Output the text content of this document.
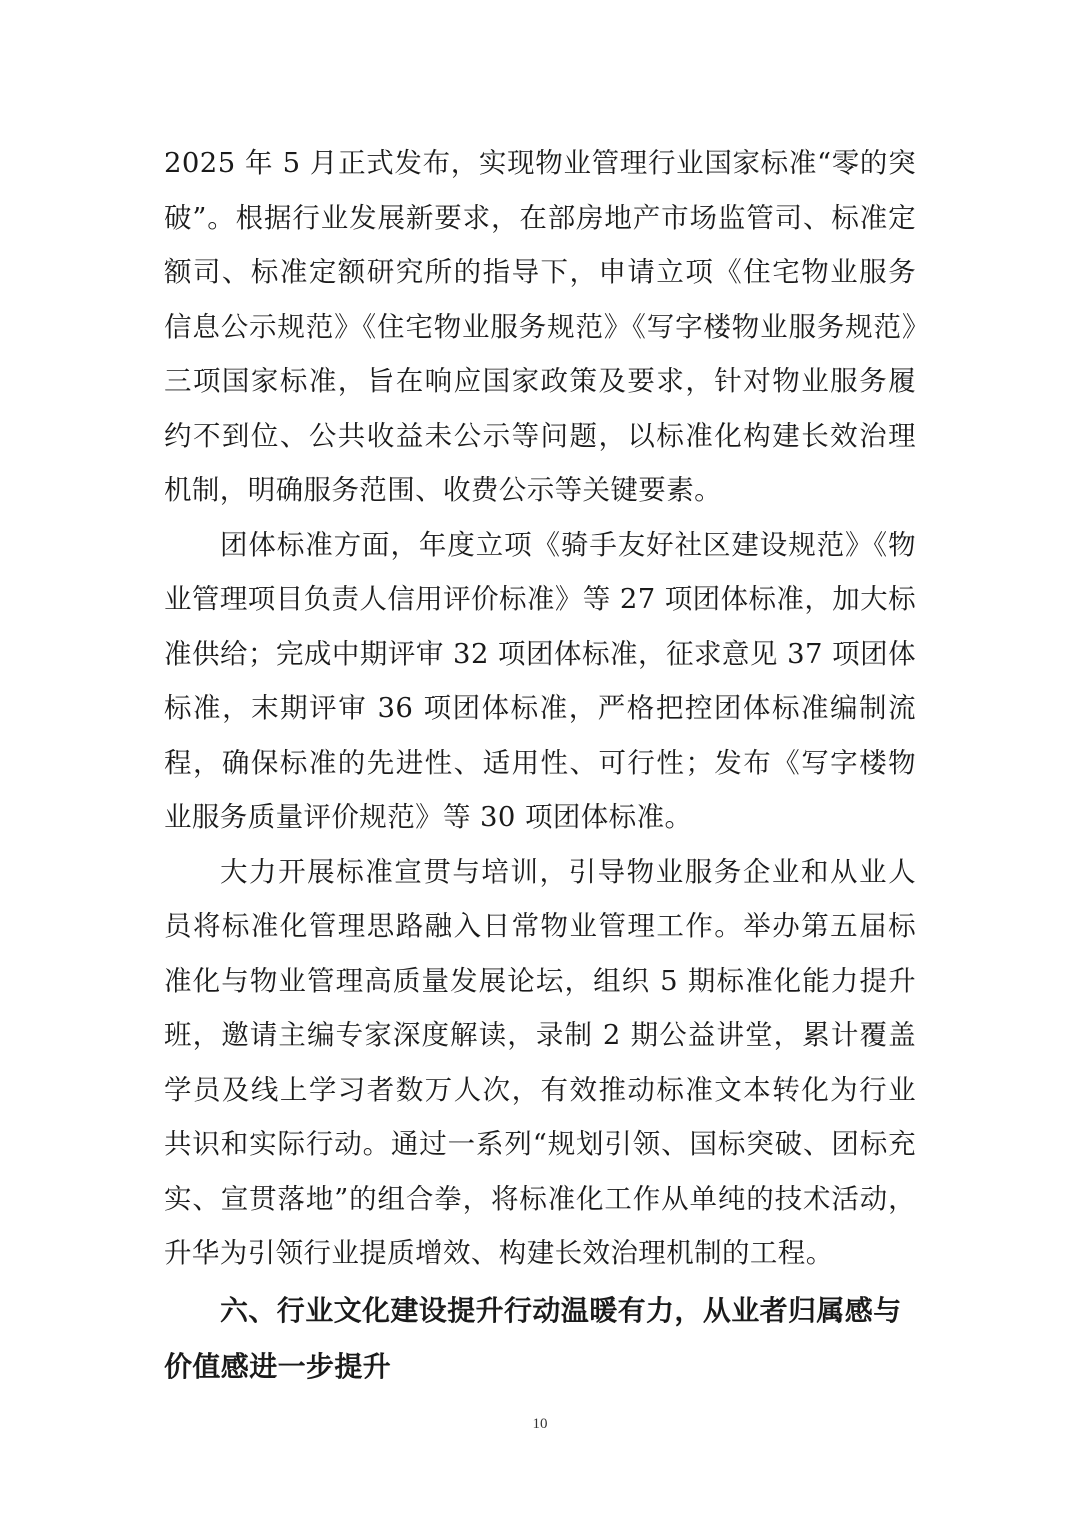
2025 年 5 月正式发布，实现物业管理行业国家标准“零的突破”。根据行业发展新要求，在部房地产市场监管司、标准定额司、标准定额研究所的指导下，申请立项《住宅物业服务信息公示规范》《住宅物业服务规范》《写字楼物业服务规范》三项国家标准，旨在响应国家政策及要求，针对物业服务履约不到位、公共收益未公示等问题，以标准化构建长效治理机制，明确服务范围、收费公示等关键要素。

团体标准方面，年度立项《骑手友好社区建设规范》《物业管理项目负责人信用评价标准》等 27 项团体标准，加大标准供给；完成中期评审 32 项团体标准，征求意见 37 项团体标准，末期评审 36 项团体标准，严格把控团体标准编制流程，确保标准的先进性、适用性、可行性；发布《写字楼物业服务质量评价规范》等 30 项团体标准。

大力开展标准宣贯与培训，引导物业服务企业和从业人员将标准化管理思路融入日常物业管理工作。举办第五届标准化与物业管理高质量发展论坛，组织 5 期标准化能力提升班，邀请主编专家深度解读，录制 2 期公益讲堂，累计覆盖学员及线上学习者数万人次，有效推动标准文本转化为行业共识和实际行动。通过一系列“规划引领、国标突破、团标充实、宣贯落地”的组合拳，将标准化工作从单纯的技术活动，升华为引领行业提质增效、构建长效治理机制的工程。

六、行业文化建设提升行动温暖有力，从业者归属感与价值感进一步提升
10
